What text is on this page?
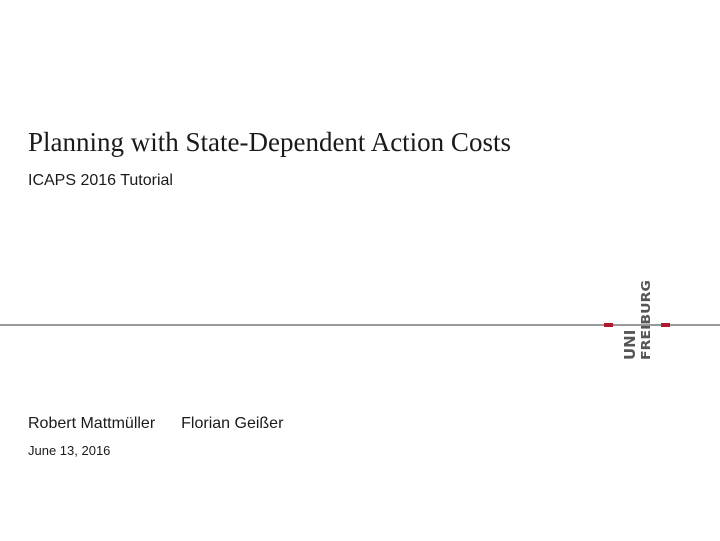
Planning with State-Dependent Action Costs
ICAPS 2016 Tutorial
UNI FREIBURG
Robert Mattmüller Florian Geißer
June 13, 2016
